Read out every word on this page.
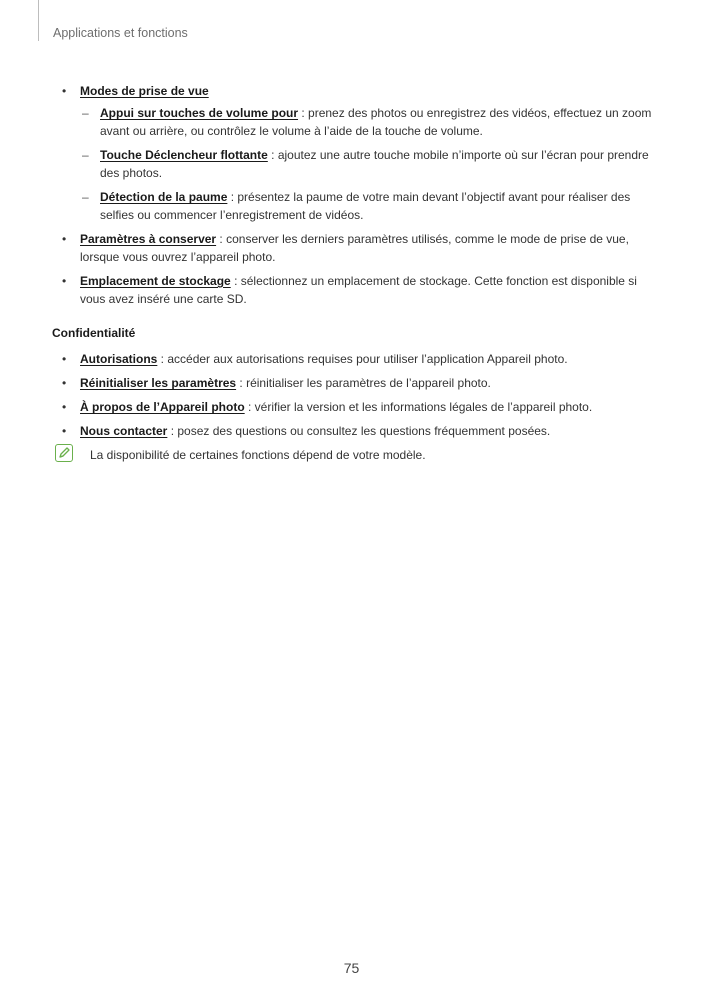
Applications et fonctions
• Modes de prise de vue
– Appui sur touches de volume pour : prenez des photos ou enregistrez des vidéos, effectuez un zoom avant ou arrière, ou contrôlez le volume à l’aide de la touche de volume.
– Touche Déclencheur flottante : ajoutez une autre touche mobile n’importe où sur l’écran pour prendre des photos.
– Détection de la paume : présentez la paume de votre main devant l’objectif avant pour réaliser des selfies ou commencer l’enregistrement de vidéos.
• Paramètres à conserver : conserver les derniers paramètres utilisés, comme le mode de prise de vue, lorsque vous ouvrez l’appareil photo.
• Emplacement de stockage : sélectionnez un emplacement de stockage. Cette fonction est disponible si vous avez inséré une carte SD.
Confidentialité
• Autorisations : accéder aux autorisations requises pour utiliser l’application Appareil photo.
• Réinitialiser les paramètres : réinitialiser les paramètres de l’appareil photo.
• À propos de l’Appareil photo : vérifier la version et les informations légales de l’appareil photo.
• Nous contacter : posez des questions ou consultez les questions fréquemment posées.
La disponibilité de certaines fonctions dépend de votre modèle.
75
